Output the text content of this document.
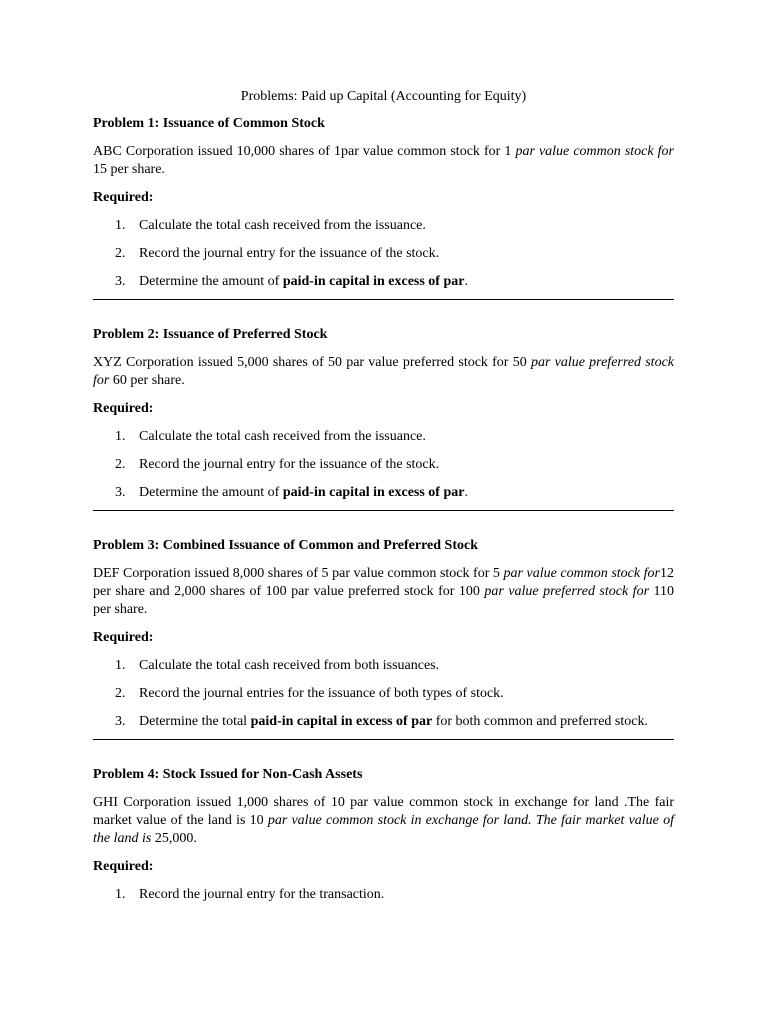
Problems: Paid up Capital (Accounting for Equity)
Problem 1: Issuance of Common Stock

ABC Corporation issued 10,000 shares of 1par value common stock for 1 par value common stock for 15 per share.

Required:
1. Calculate the total cash received from the issuance.
2. Record the journal entry for the issuance of the stock.
3. Determine the amount of paid-in capital in excess of par.
Problem 2: Issuance of Preferred Stock

XYZ Corporation issued 5,000 shares of 50 par value preferred stock for 50 par value preferred stock for 60 per share.

Required:
1. Calculate the total cash received from the issuance.
2. Record the journal entry for the issuance of the stock.
3. Determine the amount of paid-in capital in excess of par.
Problem 3: Combined Issuance of Common and Preferred Stock

DEF Corporation issued 8,000 shares of 5 par value common stock for 5 par value common stock for12 per share and 2,000 shares of 100 par value preferred stock for 100 par value preferred stock for 110 per share.

Required:
1. Calculate the total cash received from both issuances.
2. Record the journal entries for the issuance of both types of stock.
3. Determine the total paid-in capital in excess of par for both common and preferred stock.
Problem 4: Stock Issued for Non-Cash Assets

GHI Corporation issued 1,000 shares of 10 par value common stock in exchange for land .The fair market value of the land is 10 par value common stock in exchange for land. The fair market value of the land is 25,000.

Required:
1. Record the journal entry for the transaction.
